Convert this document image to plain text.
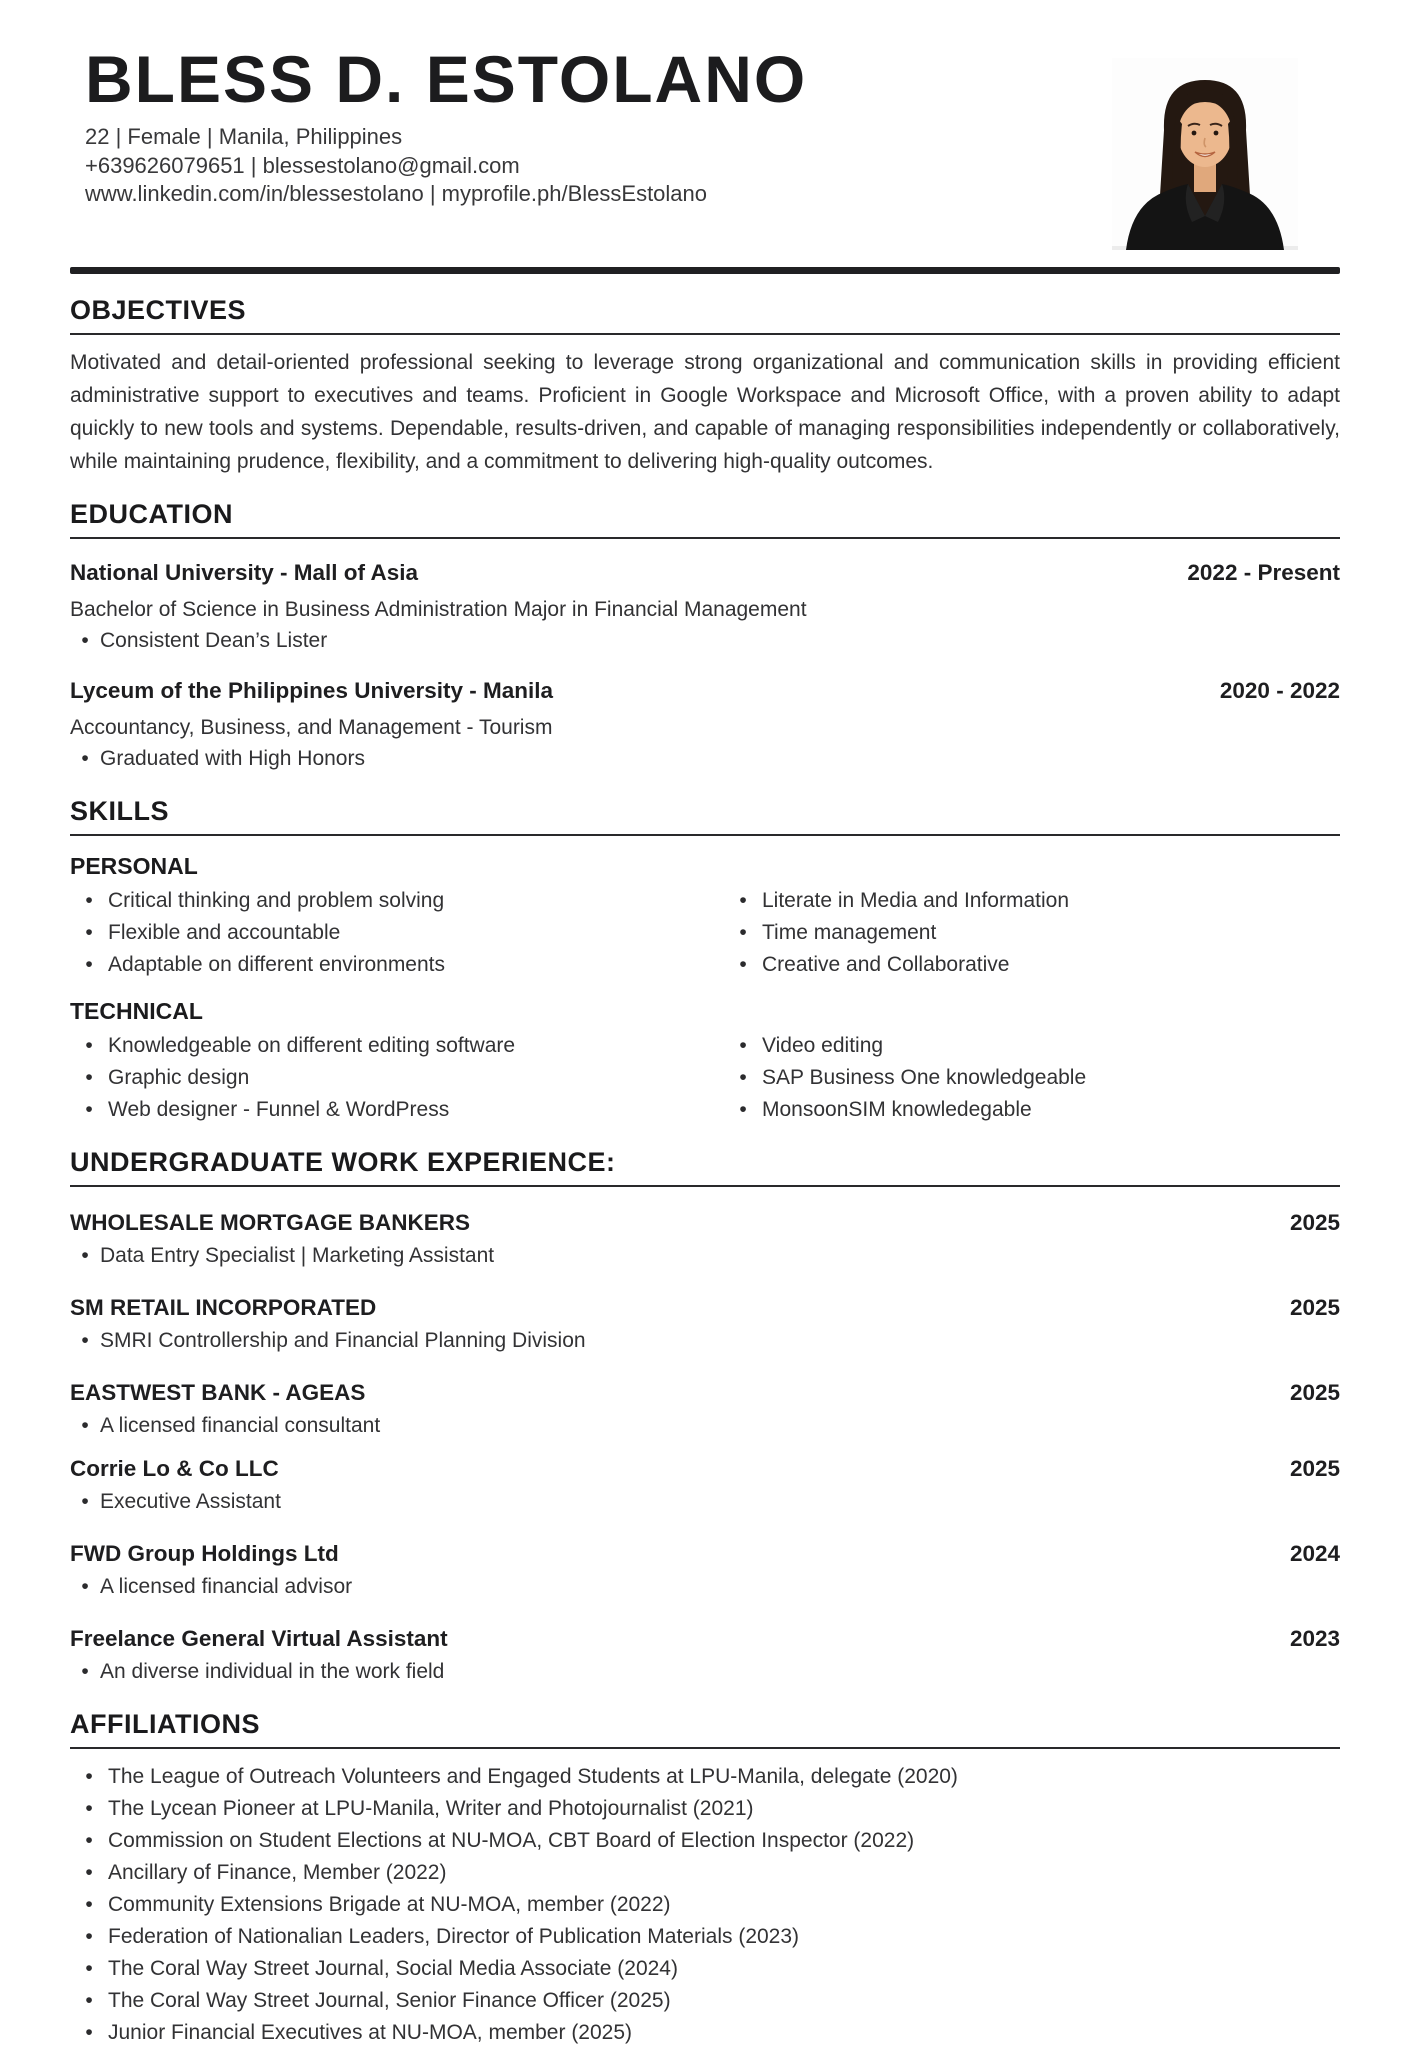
BLESS D. ESTOLANO
22 | Female | Manila, Philippines
+639626079651 | blessestolano@gmail.com
www.linkedin.com/in/blessestolano | myprofile.ph/BlessEstolano
OBJECTIVES
Motivated and detail-oriented professional seeking to leverage strong organizational and communication skills in providing efficient administrative support to executives and teams. Proficient in Google Workspace and Microsoft Office, with a proven ability to adapt quickly to new tools and systems. Dependable, results-driven, and capable of managing responsibilities independently or collaboratively, while maintaining prudence, flexibility, and a commitment to delivering high-quality outcomes.
EDUCATION
National University - Mall of Asia	2022 - Present
Bachelor of Science in Business Administration Major in Financial Management
• Consistent Dean’s Lister
Lyceum of the Philippines University - Manila	2020 - 2022
Accountancy, Business, and Management - Tourism
• Graduated with High Honors
SKILLS
PERSONAL
• Critical thinking and problem solving
• Flexible and accountable
• Adaptable on different environments
• Literate in Media and Information
• Time management
• Creative and Collaborative
TECHNICAL
• Knowledgeable on different editing software
• Graphic design
• Web designer - Funnel & WordPress
• Video editing
• SAP Business One knowledgeable
• MonsoonSIM knowledegable
UNDERGRADUATE WORK EXPERIENCE:
WHOLESALE MORTGAGE BANKERS	2025
• Data Entry Specialist | Marketing Assistant
SM RETAIL INCORPORATED	2025
• SMRI Controllership and Financial Planning Division
EASTWEST BANK - AGEAS	2025
• A licensed financial consultant
Corrie Lo & Co LLC	2025
• Executive Assistant
FWD Group Holdings Ltd	2024
• A licensed financial advisor
Freelance General Virtual Assistant	2023
• An diverse individual in the work field
AFFILIATIONS
• The League of Outreach Volunteers and Engaged Students at LPU-Manila, delegate (2020)
• The Lycean Pioneer at LPU-Manila, Writer and Photojournalist (2021)
• Commission on Student Elections at NU-MOA, CBT Board of Election Inspector (2022)
• Ancillary of Finance, Member (2022)
• Community Extensions Brigade at NU-MOA, member (2022)
• Federation of Nationalian Leaders, Director of Publication Materials (2023)
• The Coral Way Street Journal, Social Media Associate (2024)
• The Coral Way Street Journal, Senior Finance Officer (2025)
• Junior Financial Executives at NU-MOA, member (2025)
